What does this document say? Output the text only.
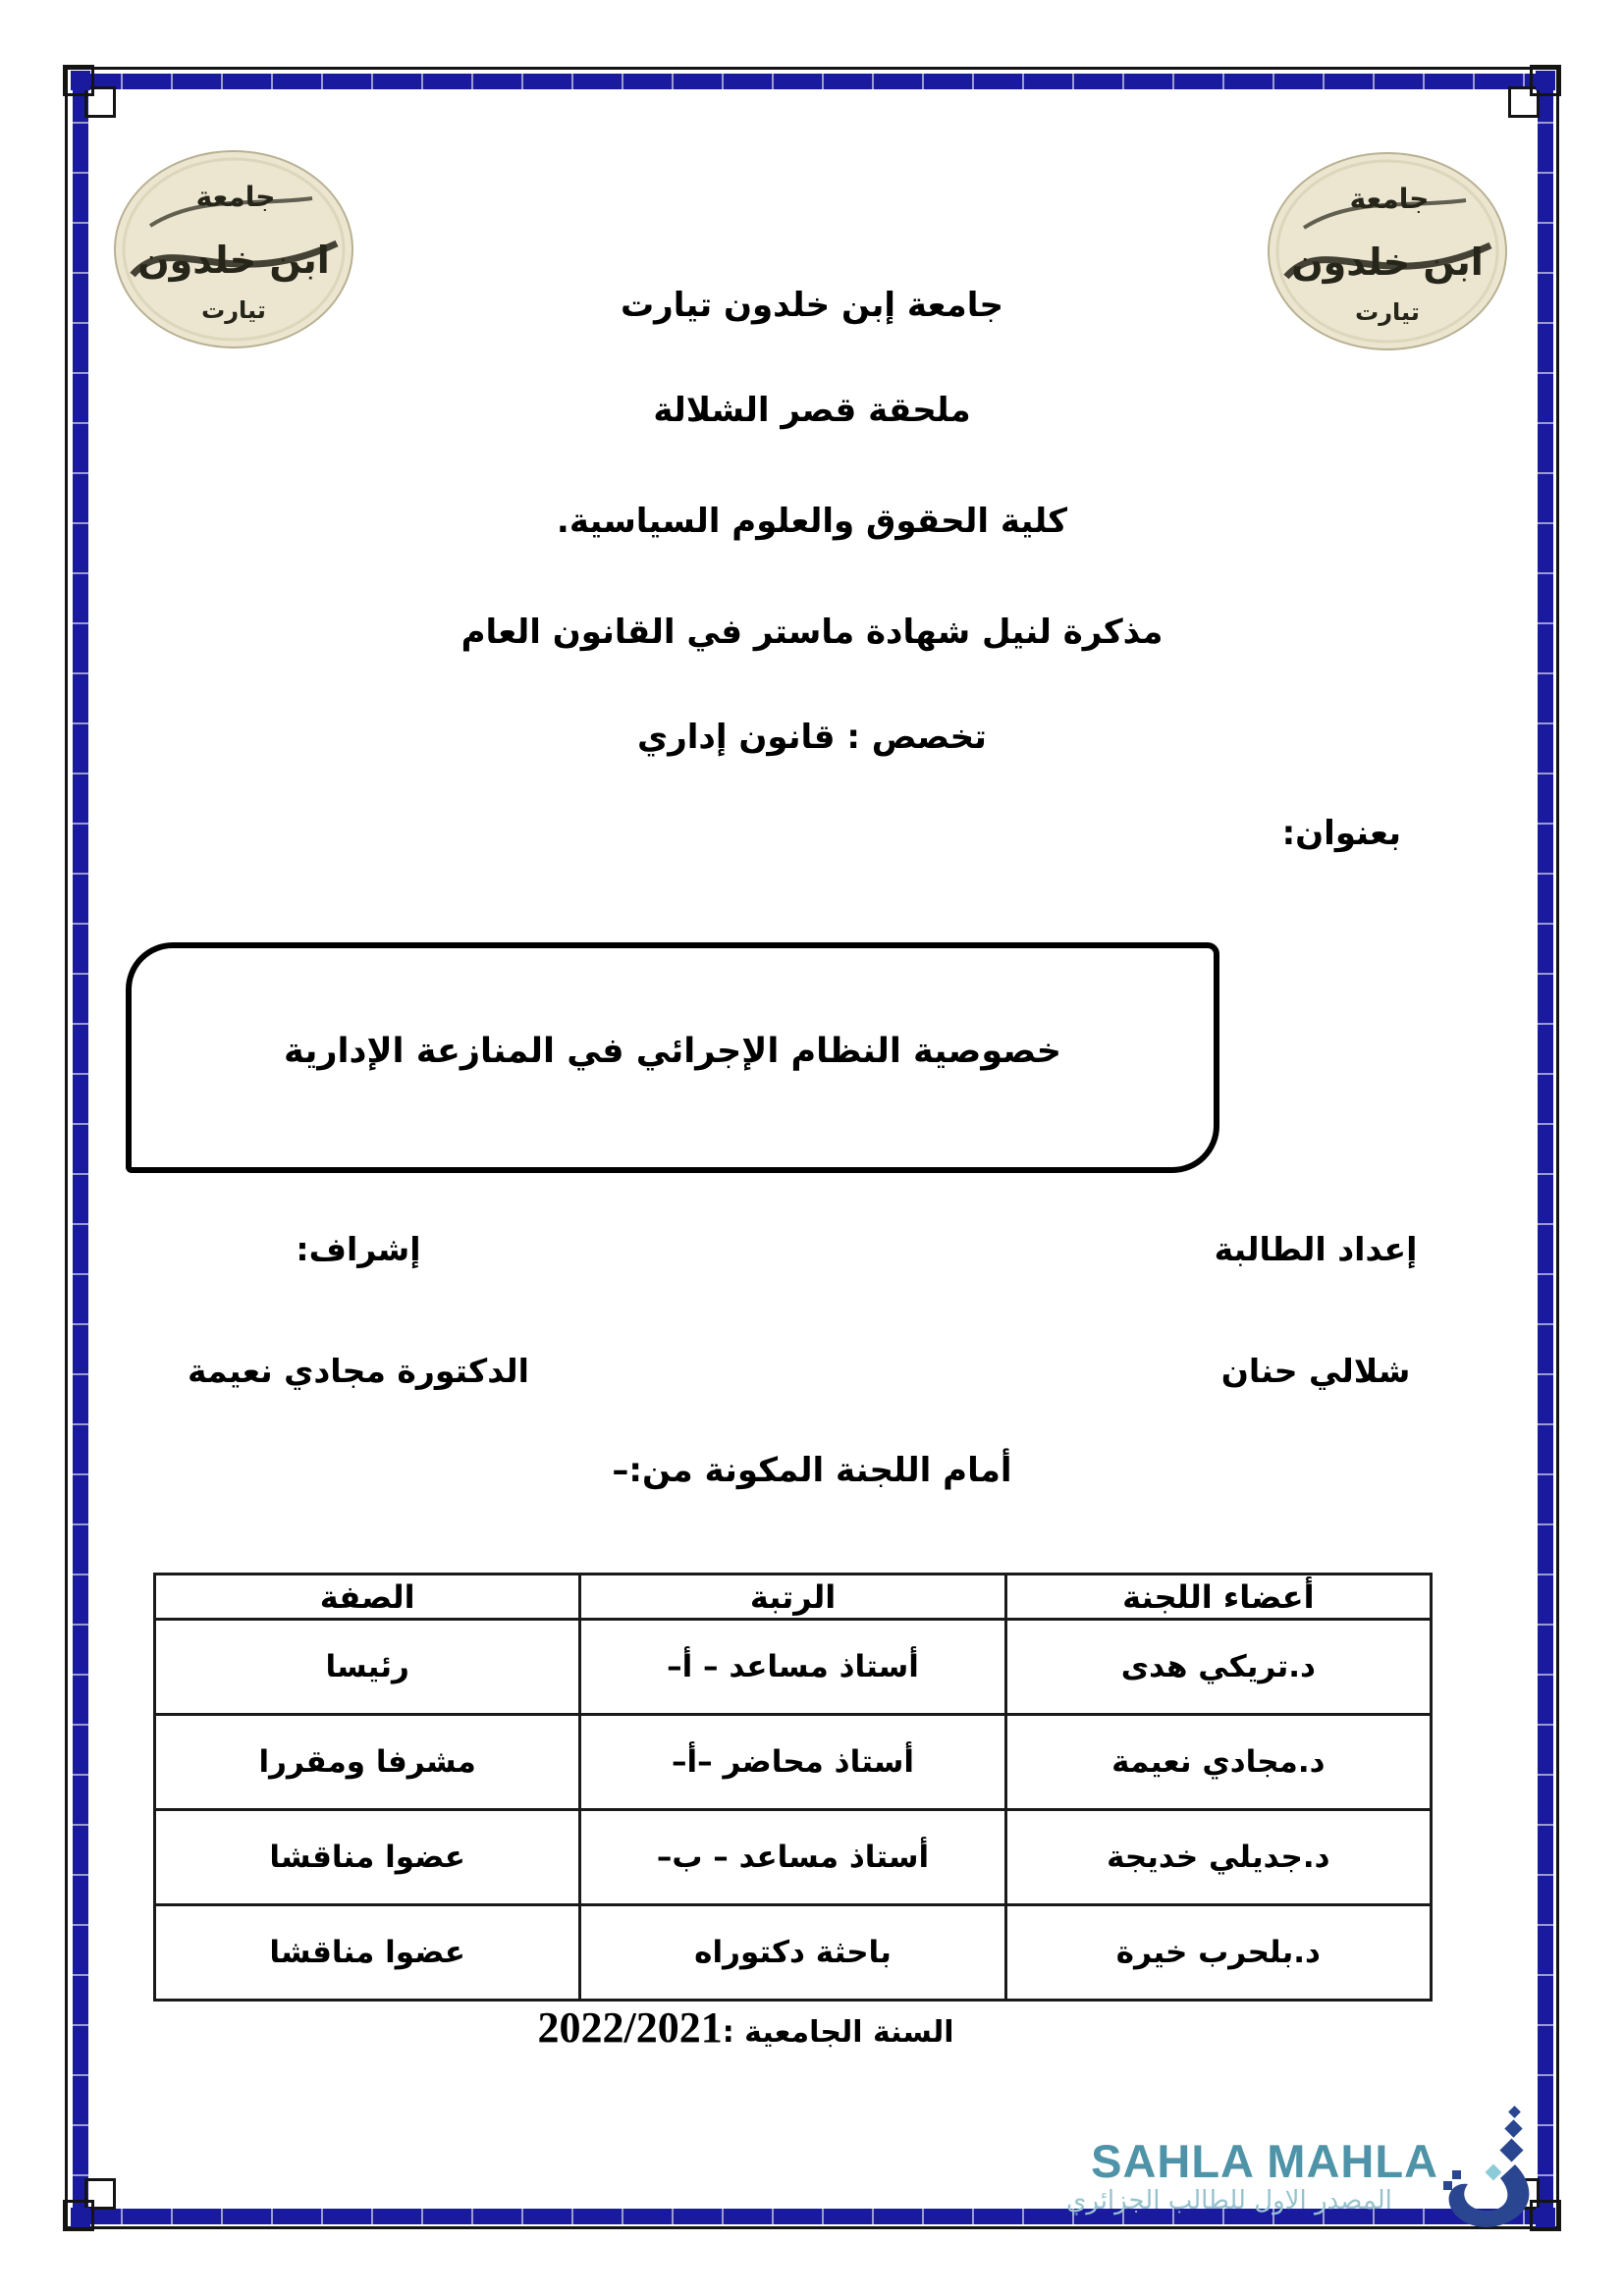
جامعة
ابن خلدون
تيارت
جامعة
ابن خلدون
تيارت
جامعة إبن خلدون تيارت
ملحقة قصر الشلالة
كلية الحقوق والعلوم السياسية.
مذكرة لنيل شهادة ماستر في القانون العام
تخصص : قانون إداري
بعنوان:
خصوصية النظام الإجرائي في المنازعة الإدارية
إعداد الطالبة
شلالي حنان
إشراف:
الدكتورة مجادي نعيمة
أمام اللجنة المكونة من:–
أعضاء اللجنة	الرتبة	الصفة
د.تريكي هدى	أستاذ مساعد – أ–	رئيسا
د.مجادي نعيمة	أستاذ محاضر –أ–	مشرفا ومقررا
د.جديلي خديجة	أستاذ مساعد – ب–	عضوا مناقشا
د.بلحرب خيرة	باحثة دكتوراه	عضوا مناقشا
السنة الجامعية :2022/2021
SAHLA MAHLA
المصدر الاول للطالب الجزائري
